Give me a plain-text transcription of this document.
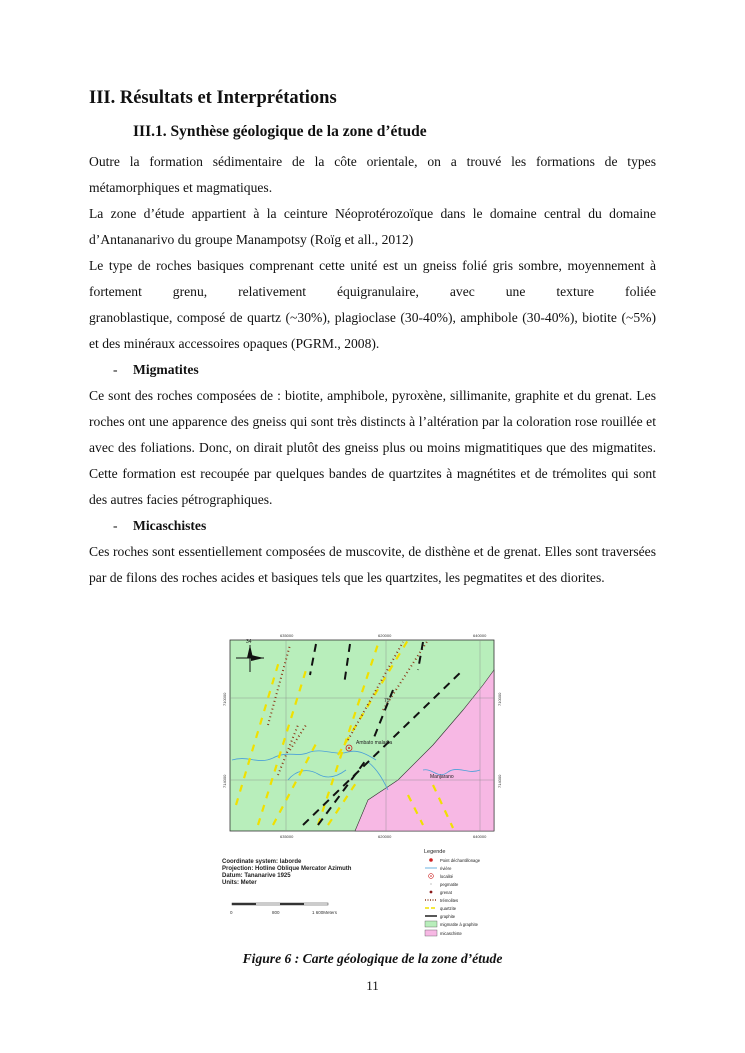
III. Résultats et Interprétations
III.1. Synthèse géologique de la zone d’étude

Outre la formation sédimentaire de la côte orientale, on a trouvé les formations de types métamorphiques et magmatiques.

La zone d’étude appartient à la ceinture Néoprotérozoïque dans le domaine central du domaine d’Antananarivo du groupe Manampotsy (Roïg et all., 2012)

Le type de roches basiques comprenant cette unité est un gneiss folié gris sombre, moyennement à fortement grenu, relativement équigranulaire, avec une texture foliée

granoblastique, composé de quartz (~30%), plagioclase (30-40%), amphibole (30-40%), biotite (~5%) et des minéraux accessoires opaques (PGRM., 2008).

- Migmatites

Ce sont des roches composées de : biotite, amphibole, pyroxène, sillimanite, graphite et du grenat. Les roches ont une apparence des gneiss qui sont très distincts à l’altération par la coloration rose rouillée et avec des foliations. Donc, on dirait plutôt des gneiss plus ou moins migmatitiques que des migmatites. Cette formation est recoupée par quelques bandes de quartzites à magnétites et de trémolites qui sont des autres facies pétrographiques.

- Micaschistes

Ces roches sont essentiellement composées de muscovite, de disthène et de grenat. Elles sont traversées par de filons des roches acides et basiques tels que les quartzites, les pegmatites et des diorites.

34
75
Ambato maladia
Manjarano
635000	620000	640000
635000	620000	640000
710000
714000
710000
714000
Coordinate system: laborde
Projection: Hotline Oblique Mercator Azimuth
Datum: Tananarive 1925
Units: Meter
0	800	1 600Meters
Legende
Point déchantillonage
rivière
localité
pegmatite
grenat
trémolites
quartzite
graphite
migmatite à graphite
micaschiste
Figure 6 : Carte géologique de la zone d’étude
11
